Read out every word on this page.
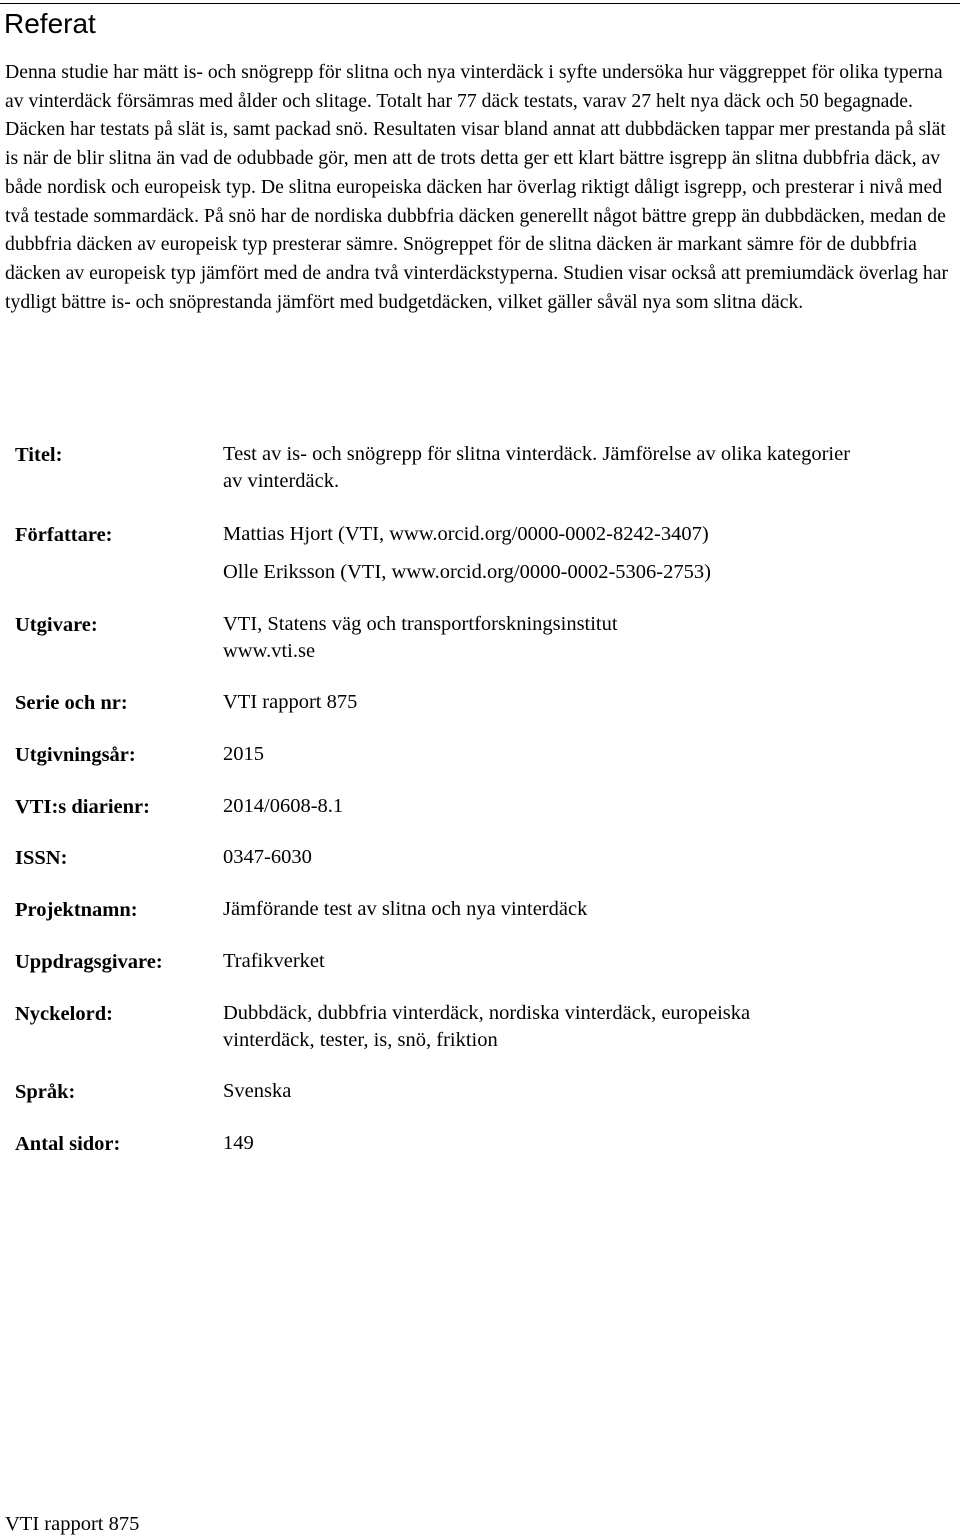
Referat

Denna studie har mätt is- och snögrepp för slitna och nya vinterdäck i syfte undersöka hur väggreppet för olika typerna av vinterdäck försämras med ålder och slitage. Totalt har 77 däck testats, varav 27 helt nya däck och 50 begagnade. Däcken har testats på slät is, samt packad snö. Resultaten visar bland annat att dubbdäcken tappar mer prestanda på slät is när de blir slitna än vad de odubbade gör, men att de trots detta ger ett klart bättre isgrepp än slitna dubbfria däck, av både nordisk och europeisk typ. De slitna europeiska däcken har överlag riktigt dåligt isgrepp, och presterar i nivå med två testade sommardäck. På snö har de nordiska dubbfria däcken generellt något bättre grepp än dubbdäcken, medan de dubbfria däcken av europeisk typ presterar sämre. Snögreppet för de slitna däcken är markant sämre för de dubbfria däcken av europeisk typ jämfört med de andra två vinterdäckstyperna. Studien visar också att premiumdäck överlag har tydligt bättre is- och snöprestanda jämfört med budgetdäcken, vilket gäller såväl nya som slitna däck.

Titel:	Test av is- och snögrepp för slitna vinterdäck. Jämförelse av olika kategorier av vinterdäck.
Författare:	Mattias Hjort (VTI, www.orcid.org/0000-0002-8242-3407)
Olle Eriksson (VTI, www.orcid.org/0000-0002-5306-2753)
Utgivare:	VTI, Statens väg och transportforskningsinstitut
www.vti.se
Serie och nr:	VTI rapport 875
Utgivningsår:	2015
VTI:s diarienr:	2014/0608-8.1
ISSN:	0347-6030
Projektnamn:	Jämförande test av slitna och nya vinterdäck
Uppdragsgivare:	Trafikverket
Nyckelord:	Dubbdäck, dubbfria vinterdäck, nordiska vinterdäck, europeiska vinterdäck, tester, is, snö, friktion
Språk:	Svenska
Antal sidor:	149
VTI rapport 875
